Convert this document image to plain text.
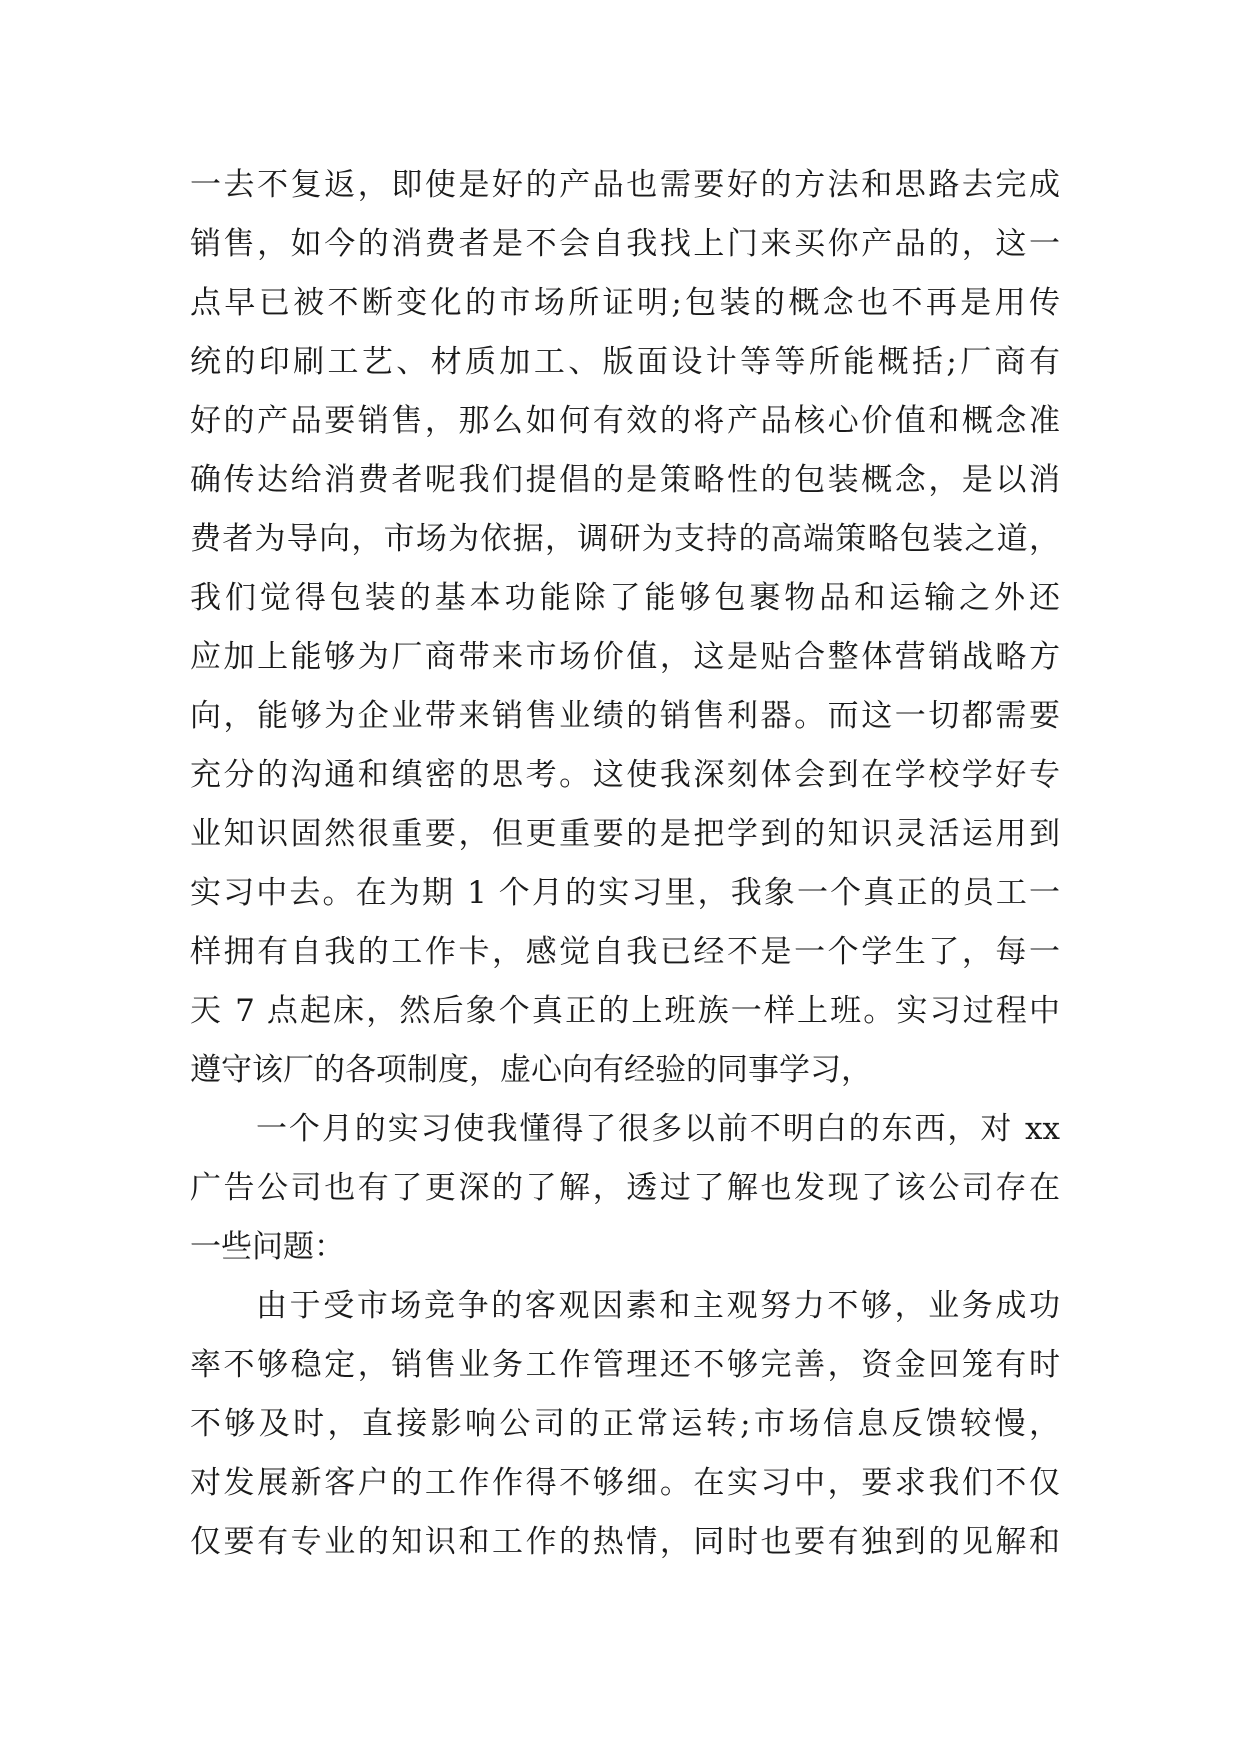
一去不复返，即使是好的产品也需要好的方法和思路去完成
销售，如今的消费者是不会自我找上门来买你产品的，这一
点早已被不断变化的市场所证明;包装的概念也不再是用传
统的印刷工艺、材质加工、版面设计等等所能概括;厂商有
好的产品要销售，那么如何有效的将产品核心价值和概念准
确传达给消费者呢我们提倡的是策略性的包装概念，是以消
费者为导向，市场为依据，调研为支持的高端策略包装之道，
我们觉得包装的基本功能除了能够包裹物品和运输之外还
应加上能够为厂商带来市场价值，这是贴合整体营销战略方
向，能够为企业带来销售业绩的销售利器。而这一切都需要
充分的沟通和缜密的思考。这使我深刻体会到在学校学好专
业知识固然很重要，但更重要的是把学到的知识灵活运用到
实习中去。在为期 1 个月的实习里，我象一个真正的员工一
样拥有自我的工作卡，感觉自我已经不是一个学生了，每一
天 7 点起床，然后象个真正的上班族一样上班。实习过程中
遵守该厂的各项制度，虚心向有经验的同事学习，
一个月的实习使我懂得了很多以前不明白的东西，对 xx
广告公司也有了更深的了解，透过了解也发现了该公司存在
一些问题：
由于受市场竞争的客观因素和主观努力不够，业务成功
率不够稳定，销售业务工作管理还不够完善，资金回笼有时
不够及时，直接影响公司的正常运转;市场信息反馈较慢，
对发展新客户的工作作得不够细。在实习中，要求我们不仅
仅要有专业的知识和工作的热情，同时也要有独到的见解和
